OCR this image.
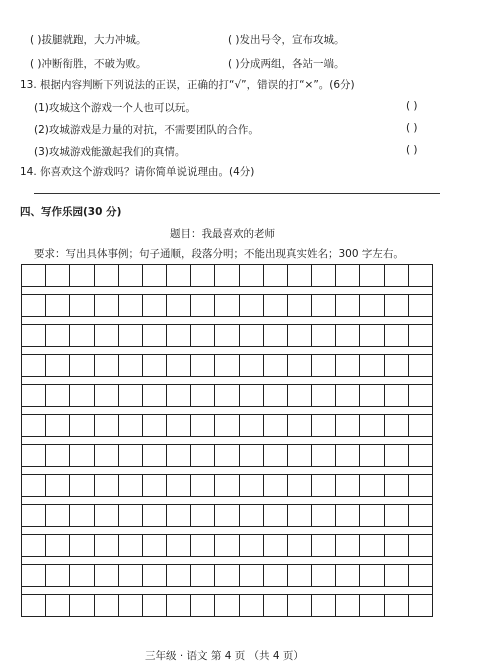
( )拔腿就跑，大力冲城。	( )发出号令，宣布攻城。
( )冲断衔胜，不破为败。	( )分成两组，各站一端。
13. 根据内容判断下列说法的正误，正确的打“√”，错误的打“×”。(6分)
(1)攻城这个游戏一个人也可以玩。	( )
(2)攻城游戏是力量的对抗，不需要团队的合作。	( )
(3)攻城游戏能激起我们的真情。	( )
14. 你喜欢这个游戏吗？请你简单说说理由。(4分)
四、写作乐园(30 分)
题目：我最喜欢的老师
要求：写出具体事例；句子通顺，段落分明；不能出现真实姓名；300 字左右。
三年级 · 语文 第 4 页 （共 4 页）
